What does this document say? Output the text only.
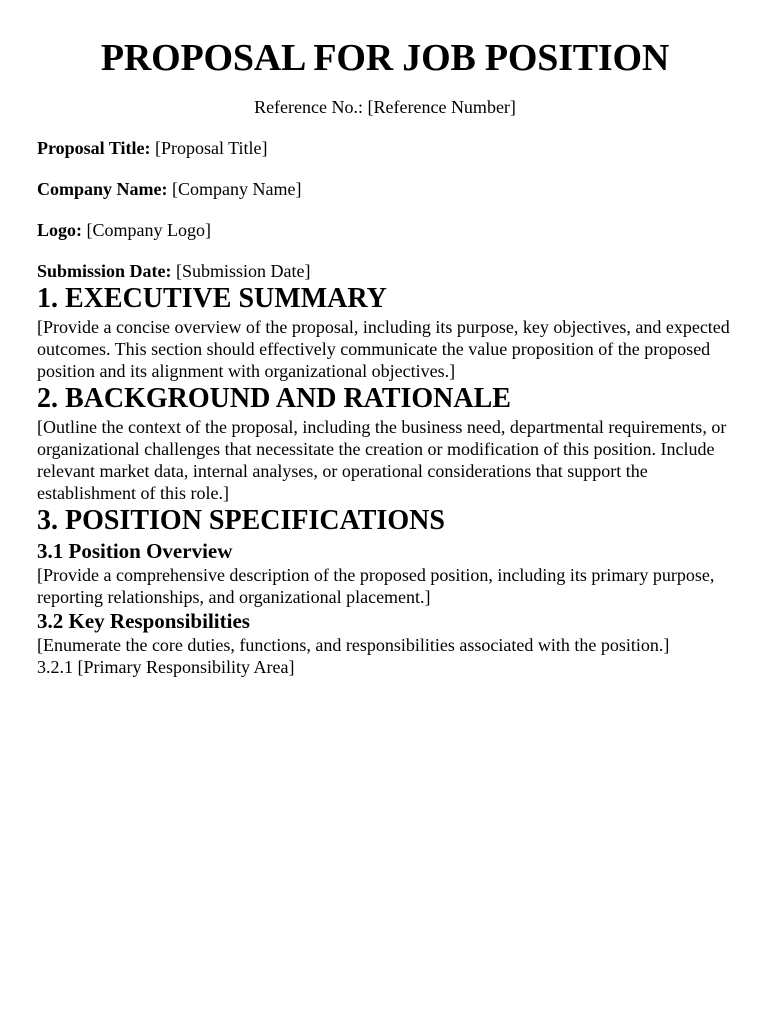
PROPOSAL FOR JOB POSITION

Reference No.: [Reference Number]

Proposal Title: [Proposal Title]

Company Name: [Company Name]

Logo: [Company Logo]

Submission Date: [Submission Date]

1. EXECUTIVE SUMMARY

[Provide a concise overview of the proposal, including its purpose, key objectives, and expected outcomes. This section should effectively communicate the value proposition of the proposed position and its alignment with organizational objectives.]

2. BACKGROUND AND RATIONALE

[Outline the context of the proposal, including the business need, departmental requirements, or organizational challenges that necessitate the creation or modification of this position. Include relevant market data, internal analyses, or operational considerations that support the establishment of this role.]

3. POSITION SPECIFICATIONS
3.1 Position Overview

[Provide a comprehensive description of the proposed position, including its primary purpose, reporting relationships, and organizational placement.]

3.2 Key Responsibilities

[Enumerate the core duties, functions, and responsibilities associated with the position.]

3.2.1 [Primary Responsibility Area]
